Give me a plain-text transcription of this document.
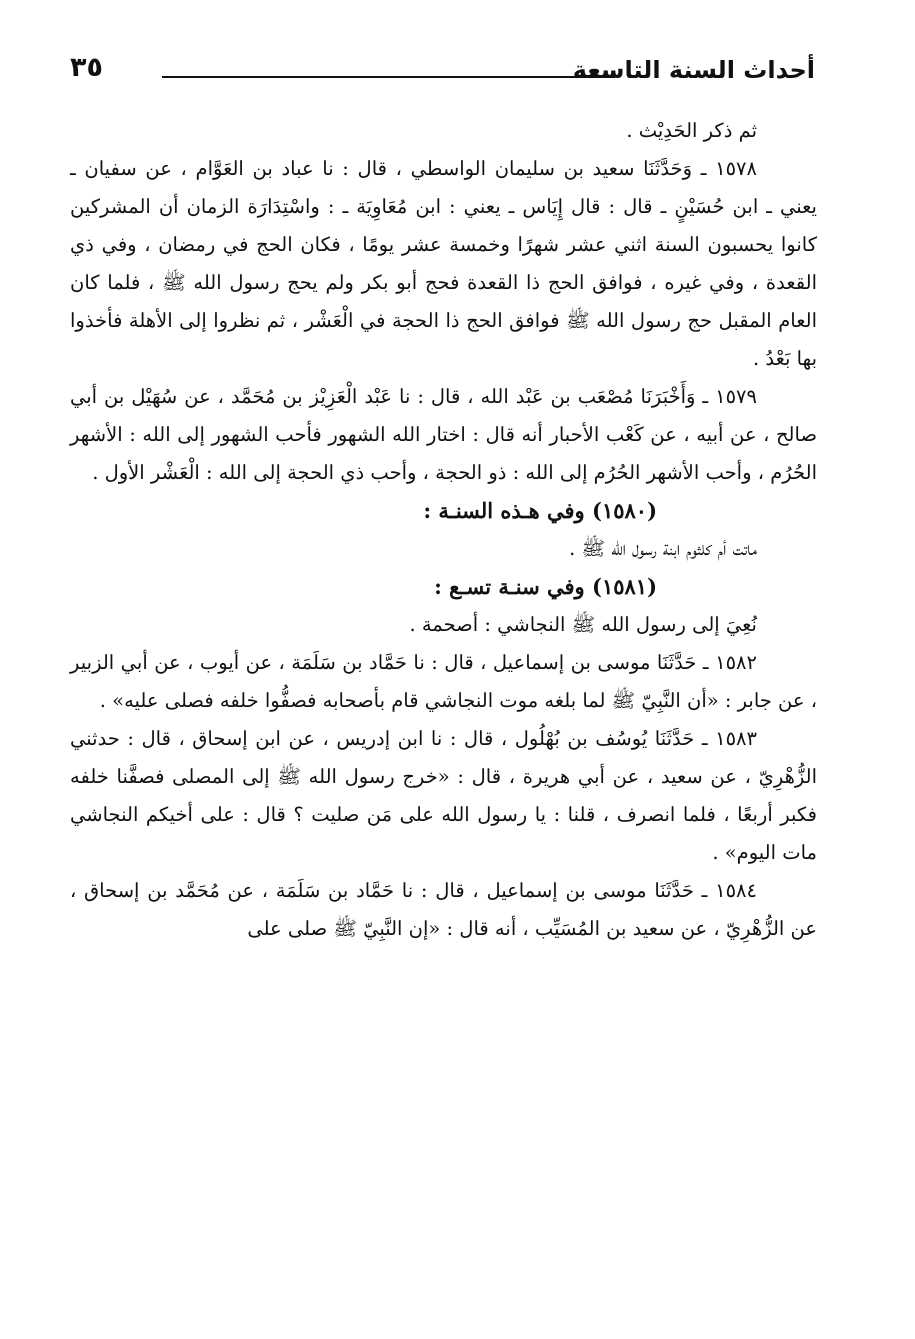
أحداث السنة التاسعة
٣٥

ثم ذكر الحَدِيْث .

١٥٧٨ ـ وَحَدَّثَنَا سعيد بن سليمان الواسطي ، قال : نا عباد بن العَوَّام ، عن سفيان ـ يعني ـ ابن حُسَيْنٍ ـ قال : قال إِيَاس ـ يعني : ابن مُعَاوِيَة ـ : واسْتِدَارَة الزمان أن المشركين كانوا يحسبون السنة اثني عشر شهرًا وخمسة عشر يومًا ، فكان الحج في رمضان ، وفي ذي القعدة ، وفي غيره ، فوافق الحج ذا القعدة فحج أبو بكر ولم يحج رسول الله ﷺ ، فلما كان العام المقبل حج رسول الله ﷺ فوافق الحج ذا الحجة في الْعَشْر ، ثم نظروا إلى الأهلة فأخذوا بها بَعْدُ .

١٥٧٩ ـ وَأَخْبَرَنَا مُصْعَب بن عَبْد الله ، قال : نا عَبْد الْعَزِيْز بن مُحَمَّد ، عن سُهَيْل بن أبي صالح ، عن أبيه ، عن كَعْب الأحبار أنه قال : اختار الله الشهور فأحب الشهور إلى الله : الأشهر الحُرُم ، وأحب الأشهر الحُرُم إلى الله : ذو الحجة ، وأحب ذي الحجة إلى الله : الْعَشْر الأول .

(١٥٨٠) وفي هـذه السنـة :

ماتت أم كلثوم ابنة رسول الله ﷺ .

(١٥٨١) وفي سنـة تسـع :

نُعِيَ إلى رسول الله ﷺ النجاشي : أصحمة .

١٥٨٢ ـ حَدَّثَنَا موسى بن إسماعيل ، قال : نا حَمَّاد بن سَلَمَة ، عن أيوب ، عن أبي الزبير ، عن جابر : «أن النَّبِيّ ﷺ لما بلغه موت النجاشي قام بأصحابه فصفُّوا خلفه فصلى عليه» .

١٥٨٣ ـ حَدَّثَنَا يُوسُف بن بُهْلُول ، قال : نا ابن إدريس ، عن ابن إسحاق ، قال : حدثني الزُّهْرِيّ ، عن سعيد ، عن أبي هريرة ، قال : «خرج رسول الله ﷺ إلى المصلى فصفَّنا خلفه فكبر أربعًا ، فلما انصرف ، قلنا : يا رسول الله على مَن صليت ؟ قال : على أخيكم النجاشي مات اليوم» .

١٥٨٤ ـ حَدَّثَنَا موسى بن إسماعيل ، قال : نا حَمَّاد بن سَلَمَة ، عن مُحَمَّد بن إسحاق ، عن الزُّهْرِيّ ، عن سعيد بن المُسَيِّب ، أنه قال : «إن النَّبِيّ ﷺ صلى على
